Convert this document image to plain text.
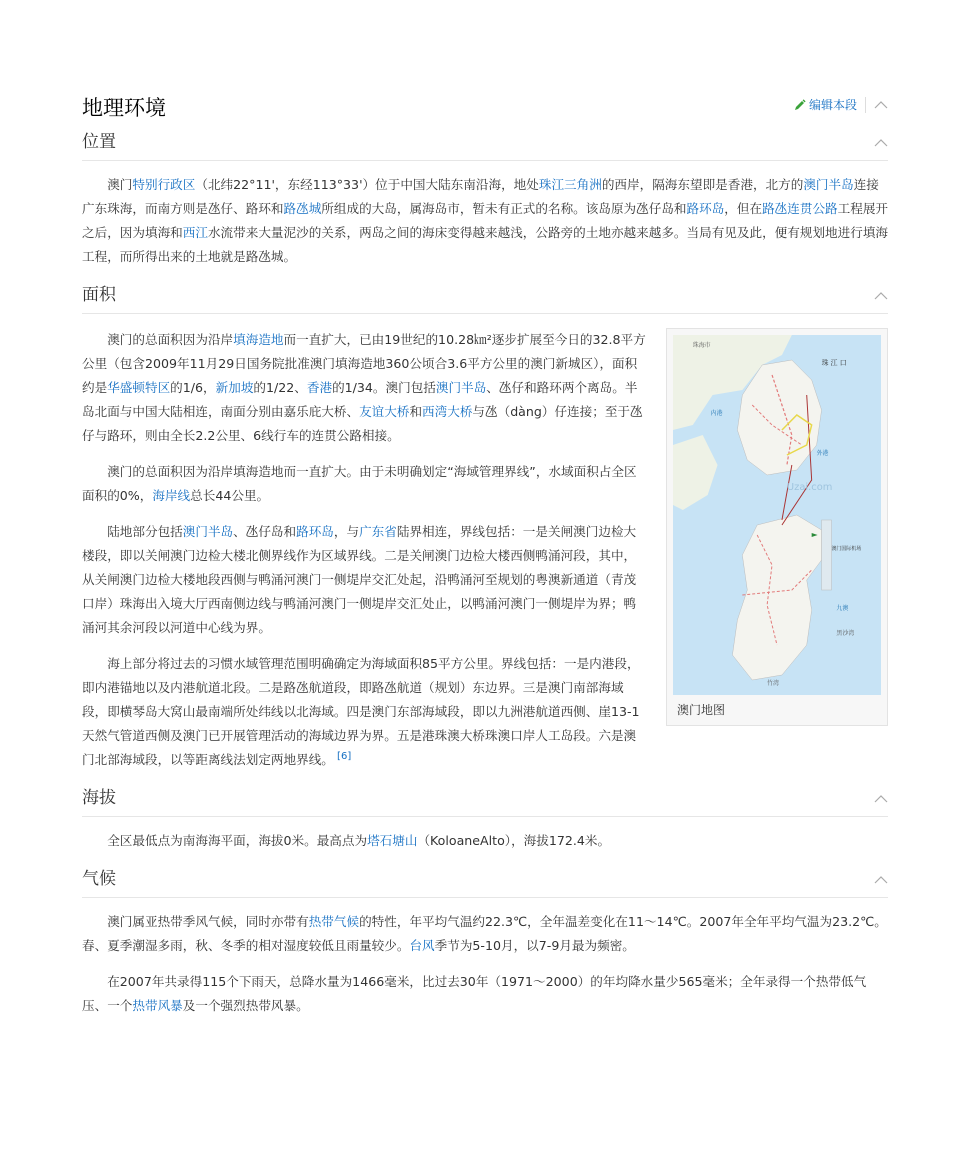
地理环境	编辑本段
位置

澳门特别行政区（北纬22°11'，东经113°33'）位于中国大陆东南沿海，地处珠江三角洲的西岸，隔海东望即是香港，北方的澳门半岛连接广东珠海，而南方则是氹仔、路环和路氹城所组成的大岛，属海岛市，暂未有正式的名称。该岛原为氹仔岛和路环岛，但在路氹连贯公路工程展开之后，因为填海和西江水流带来大量泥沙的关系，两岛之间的海床变得越来越浅，公路旁的土地亦越来越多。当局有见及此，便有规划地进行填海工程，而所得出来的土地就是路氹城。

面积
珠 江 口
珠海市
内港
外港
Uzai.com
澳门国际机场
九澳
黑沙湾
竹湾
澳门地图

澳门的总面积因为沿岸填海造地而一直扩大，已由19世纪的10.28㎞²逐步扩展至今日的32.8平方公里（包含2009年11月29日国务院批准澳门填海造地360公顷合3.6平方公里的澳门新城区），面积约是华盛顿特区的1/6，新加坡的1/22、香港的1/34。澳门包括澳门半岛、氹仔和路环两个离岛。半岛北面与中国大陆相连，南面分别由嘉乐庇大桥、友谊大桥和西湾大桥与氹（dàng）仔连接；至于氹仔与路环，则由全长2.2公里、6线行车的连贯公路相接。

澳门的总面积因为沿岸填海造地而一直扩大。由于未明确划定“海域管理界线”，水域面积占全区面积的0%，海岸线总长44公里。

陆地部分包括澳门半岛、氹仔岛和路环岛，与广东省陆界相连，界线包括：一是关闸澳门边检大楼段，即以关闸澳门边检大楼北侧界线作为区域界线。二是关闸澳门边检大楼西侧鸭涌河段，其中，从关闸澳门边检大楼地段西侧与鸭涌河澳门一侧堤岸交汇处起，沿鸭涌河至规划的粤澳新通道（青茂口岸）珠海出入境大厅西南侧边线与鸭涌河澳门一侧堤岸交汇处止，以鸭涌河澳门一侧堤岸为界；鸭涌河其余河段以河道中心线为界。

海上部分将过去的习惯水域管理范围明确确定为海域面积85平方公里。界线包括：一是内港段，即内港锚地以及内港航道北段。二是路氹航道段，即路氹航道（规划）东边界。三是澳门南部海域段，即横琴岛大窝山最南端所处纬线以北海域。四是澳门东部海域段，即以九洲港航道西侧、崖13-1天然气管道西侧及澳门已开展管理活动的海域边界为界。五是港珠澳大桥珠澳口岸人工岛段。六是澳门北部海域段，以等距离线法划定两地界线。 [6]

海拔

全区最低点为南海海平面，海拔0米。最高点为塔石塘山（KoloaneAlto），海拔172.4米。

气候

澳门属亚热带季风气候，同时亦带有热带气候的特性，年平均气温约22.3℃，全年温差变化在11～14℃。2007年全年平均气温为23.2℃。春、夏季潮湿多雨，秋、冬季的相对湿度较低且雨量较少。台风季节为5-10月，以7-9月最为频密。

在2007年共录得115个下雨天，总降水量为1466毫米，比过去30年（1971～2000）的年均降水量少565毫米；全年录得一个热带低气压、一个热带风暴及一个强烈热带风暴。
